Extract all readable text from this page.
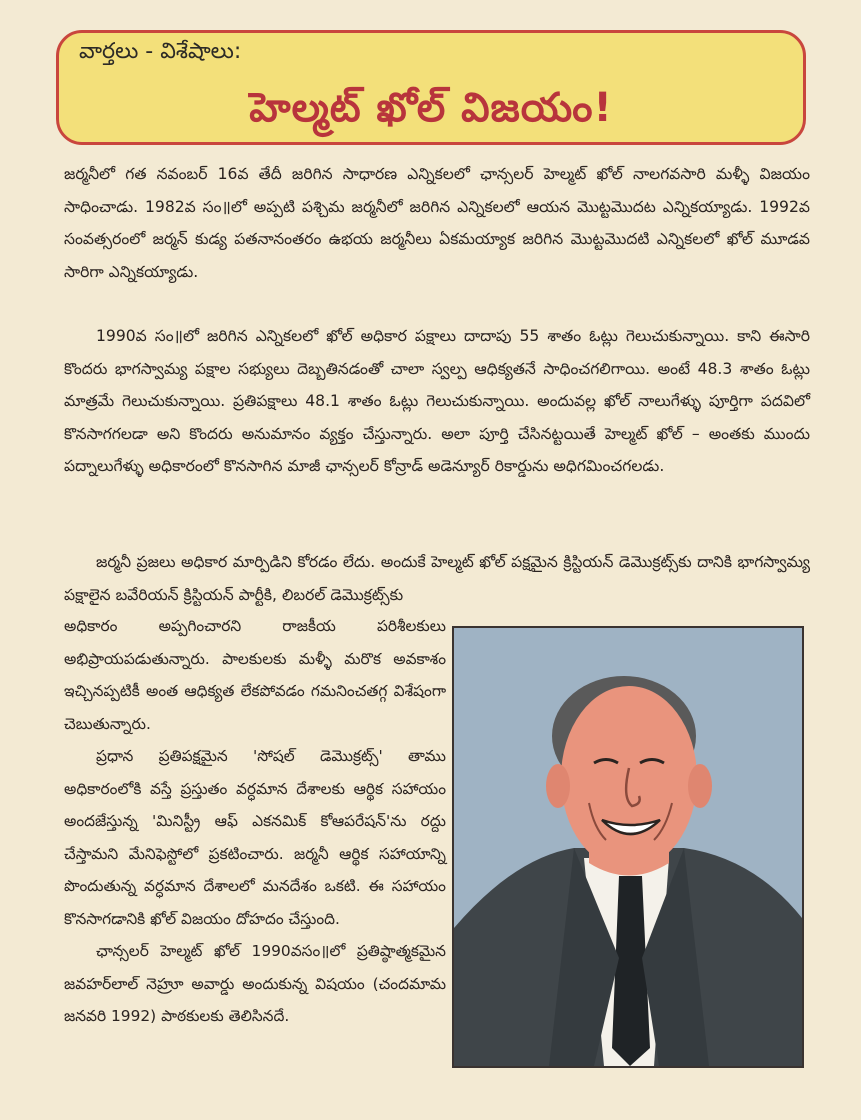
వార్తలు - విశేషాలు:
హెల్మట్ ఖోల్ విజయం!

జర్మనీలో గత నవంబర్ 16వ తేదీ జరిగిన సాధారణ ఎన్నికలలో ఛాన్సలర్ హెల్మట్ ఖోల్ నాలగవసారి మళ్ళీ విజయం సాధించాడు. 1982వ సం॥లో అప్పటి పశ్చిమ జర్మనీలో జరిగిన ఎన్నికలలో ఆయన మొట్టమొదట ఎన్నికయ్యాడు. 1992వ సంవత్సరంలో జర్మన్ కుడ్య పతనానంతరం ఉభయ జర్మనీలు ఏకమయ్యాక జరిగిన మొట్టమొదటి ఎన్నికలలో ఖోల్ మూడవ సారిగా ఎన్నికయ్యాడు.

1990వ సం॥లో జరిగిన ఎన్నికలలో ఖోల్ అధికార పక్షాలు దాదాపు 55 శాతం ఓట్లు గెలుచుకున్నాయి. కాని ఈసారి కొందరు భాగస్వామ్య పక్షాల సభ్యులు దెబ్బతినడంతో చాలా స్వల్ప ఆధిక్యతనే సాధించగలిగాయి. అంటే 48.3 శాతం ఓట్లు మాత్రమే గెలుచుకున్నాయి. ప్రతిపక్షాలు 48.1 శాతం ఓట్లు గెలుచుకున్నాయి. అందువల్ల ఖోల్ నాలుగేళ్ళు పూర్తిగా పదవిలో కొనసాగగలడా అని కొందరు అనుమానం వ్యక్తం చేస్తున్నారు. అలా పూర్తి చేసినట్టయితే హెల్మట్ ఖోల్ – అంతకు ముందు పద్నాలుగేళ్ళు అధికారంలో కొనసాగిన మాజీ ఛాన్సలర్ కోన్రాడ్ అడెన్యూర్ రికార్డును అధిగమించగలడు.

జర్మనీ ప్రజలు అధికార మార్పిడిని కోరడం లేదు. అందుకే హెల్మట్ ఖోల్ పక్షమైన క్రిస్టియన్ డెమొక్రట్స్‌కు దానికి భాగస్వామ్య పక్షాలైన బవేరియన్ క్రిస్టియన్ పార్టీకి, లిబరల్ డెమొక్రట్స్‌కు

అధికారం అప్పగించారని రాజకీయ పరిశీలకులు అభిప్రాయపడుతున్నారు. పాలకులకు మళ్ళీ మరొక అవకాశం ఇచ్చినప్పటికీ అంత ఆధిక్యత లేకపోవడం గమనించతగ్గ విశేషంగా చెబుతున్నారు.
ప్రధాన ప్రతిపక్షమైన 'సోషల్ డెమొక్రట్స్' తాము అధికారంలోకి వస్తే ప్రస్తుతం వర్ధమాన దేశాలకు ఆర్థిక సహాయం అందజేస్తున్న 'మినిస్ట్రీ ఆఫ్ ఎకనమిక్ కోఆపరేషన్'ను రద్దు చేస్తామని మేనిఫెస్టోలో ప్రకటించారు. జర్మనీ ఆర్థిక సహాయాన్ని పొందుతున్న వర్ధమాన దేశాలలో మనదేశం ఒకటి. ఈ సహాయం కొనసాగడానికి ఖోల్ విజయం దోహదం చేస్తుంది.
ఛాన్సలర్ హెల్మట్ ఖోల్ 1990వసం॥లో ప్రతిష్ఠాత్మకమైన జవహర్‌లాల్ నెహ్రూ అవార్డు అందుకున్న విషయం (చందమామ జనవరి 1992) పాఠకులకు తెలిసినదే.
